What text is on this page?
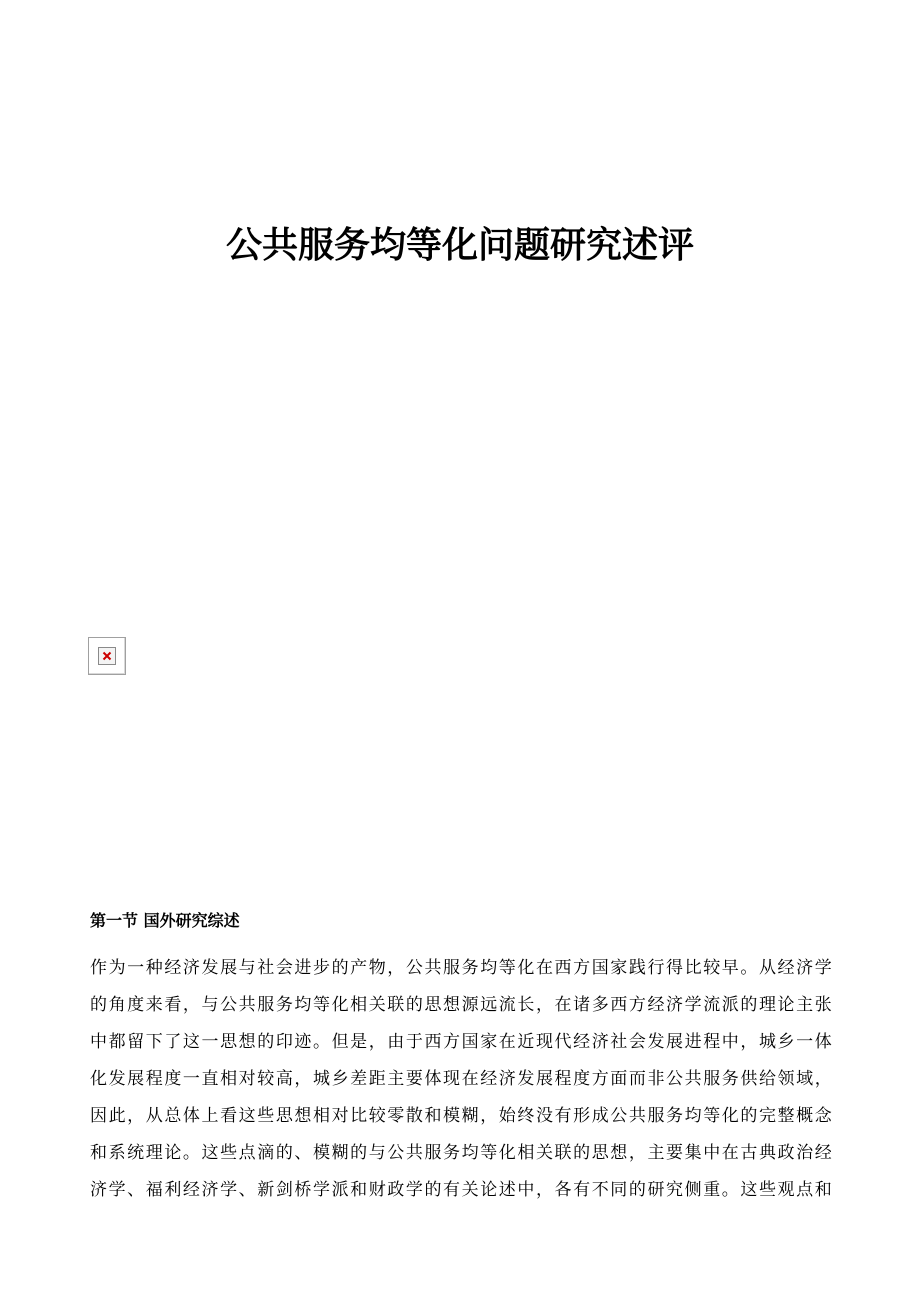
公共服务均等化问题研究述评
第一节 国外研究综述
作为一种经济发展与社会进步的产物，公共服务均等化在西方国家践行得比较早。从经济学
的角度来看，与公共服务均等化相关联的思想源远流长，在诸多西方经济学流派的理论主张
中都留下了这一思想的印迹。但是，由于西方国家在近现代经济社会发展进程中，城乡一体
化发展程度一直相对较高，城乡差距主要体现在经济发展程度方面而非公共服务供给领域，
因此，从总体上看这些思想相对比较零散和模糊，始终没有形成公共服务均等化的完整概念
和系统理论。这些点滴的、模糊的与公共服务均等化相关联的思想，主要集中在古典政治经
济学、福利经济学、新剑桥学派和财政学的有关论述中，各有不同的研究侧重。这些观点和
